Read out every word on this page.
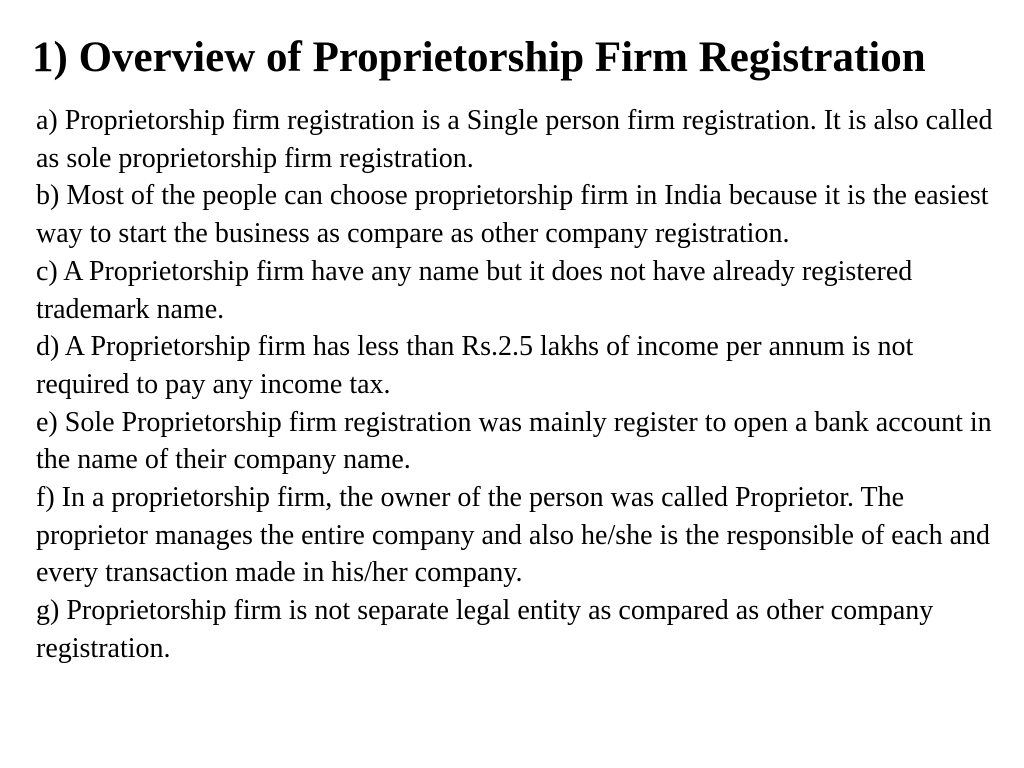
1) Overview of Proprietorship Firm Registration
a) Proprietorship firm registration is a Single person firm registration. It is also called as sole proprietorship firm registration.
b) Most of the people can choose proprietorship firm in India because it is the easiest way to start the business as compare as other company registration.
c) A Proprietorship firm have any name but it does not have already registered trademark name.
d) A Proprietorship firm has less than Rs.2.5 lakhs of income per annum is not required to pay any income tax.
e) Sole Proprietorship firm registration was mainly register to open a bank account in the name of their company name.
f) In a proprietorship firm, the owner of the person was called Proprietor. The proprietor manages the entire company and also he/she is the responsible of each and every transaction made in his/her company.
g) Proprietorship firm is not separate legal entity as compared as other company registration.
